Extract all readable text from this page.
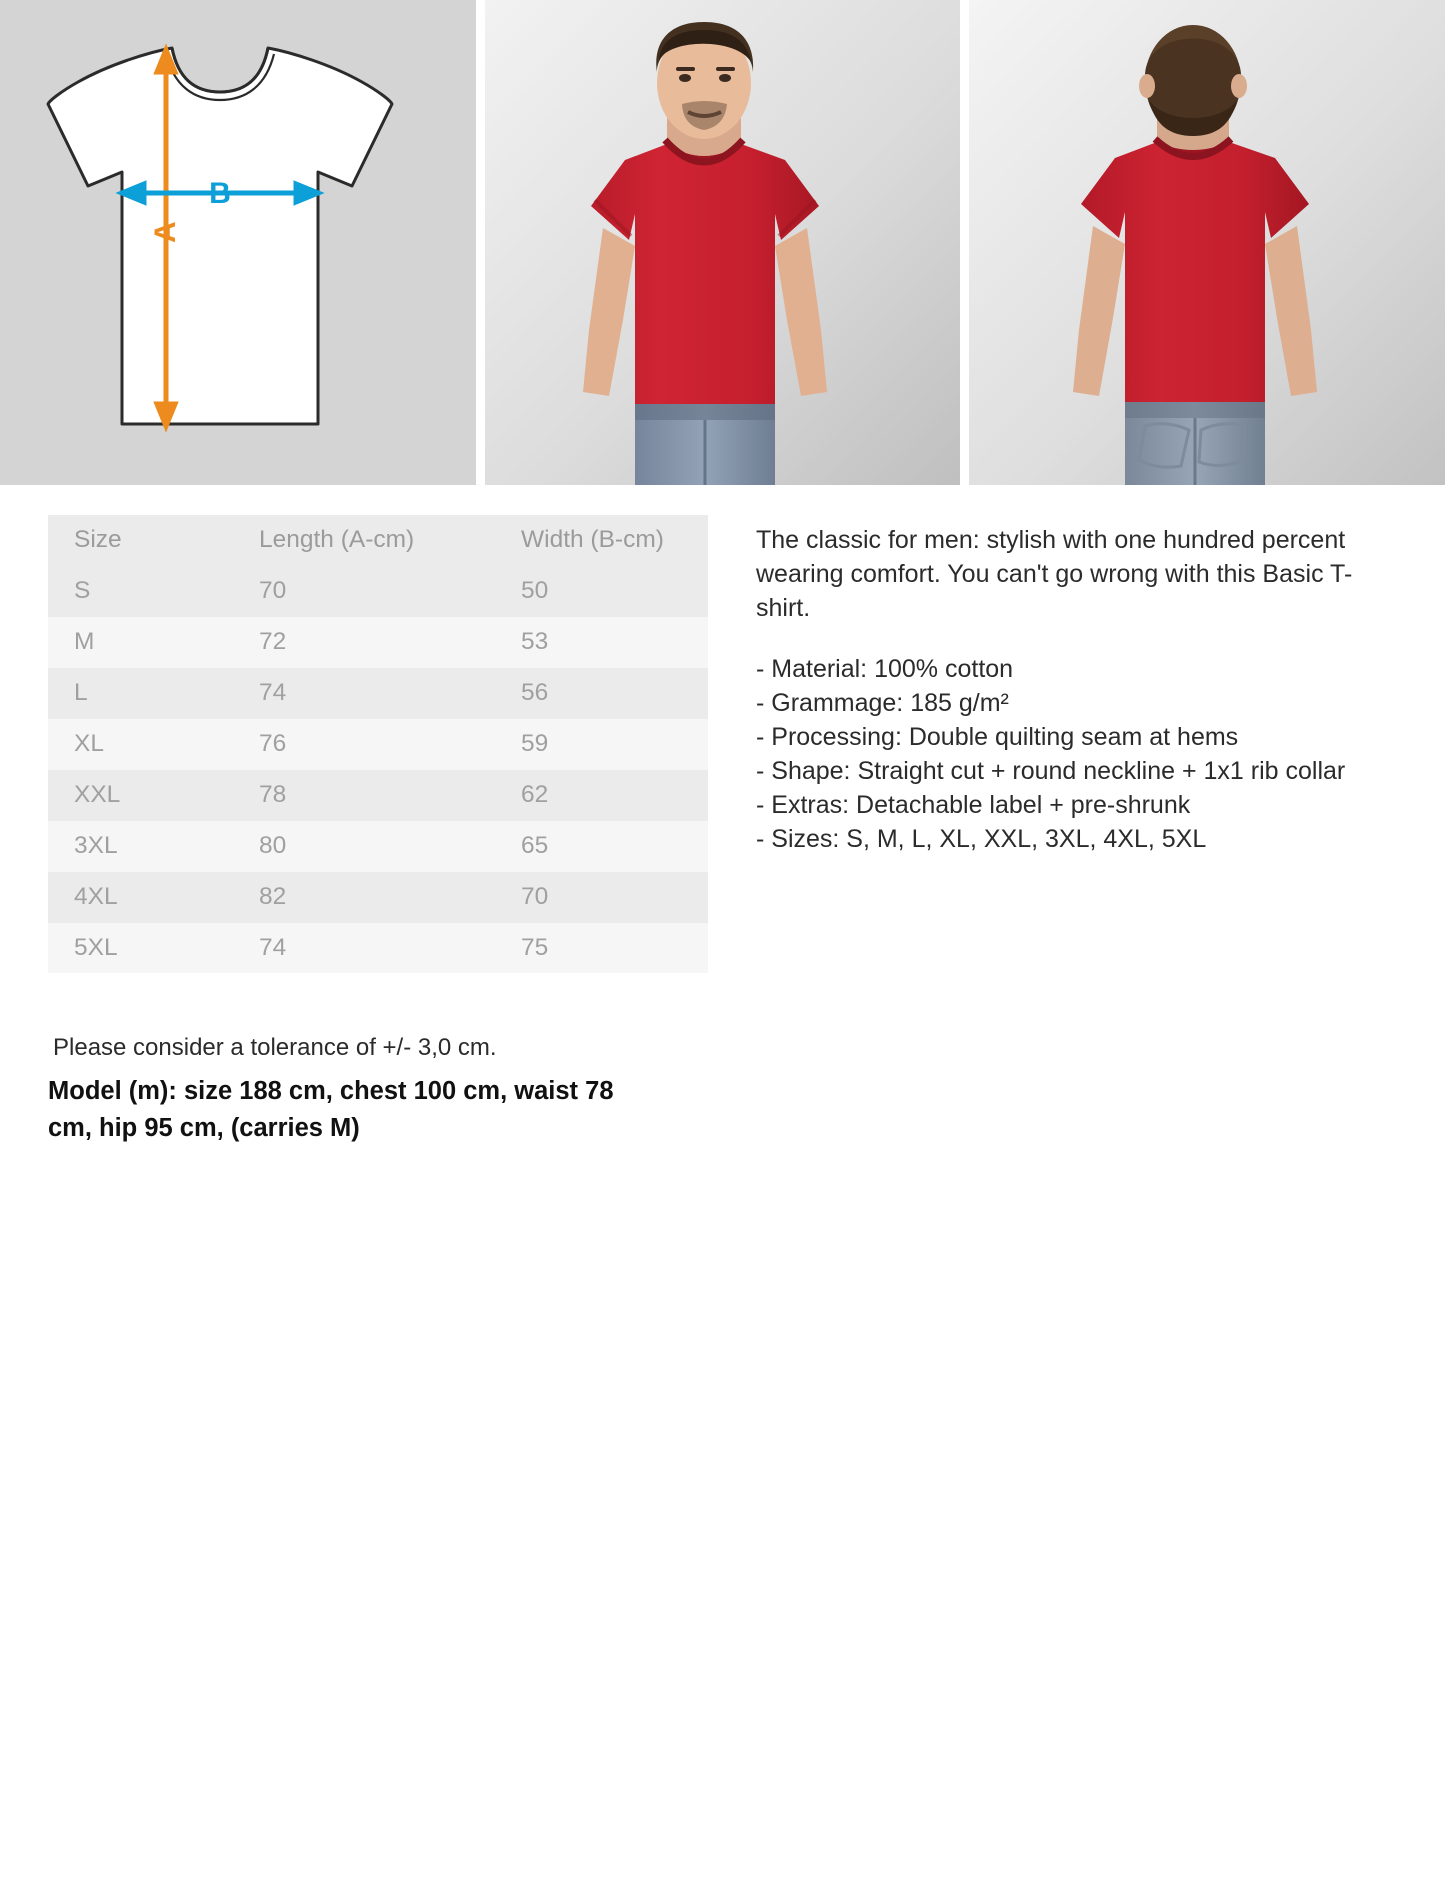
A
B
Size	Length (A-cm)	Width (B-cm)
S	70	50
M	72	53
L	74	56
XL	76	59
XXL	78	62
3XL	80	65
4XL	82	70
5XL	74	75

The classic for men: stylish with one hundred percent wearing comfort. You can't go wrong with this Basic T-shirt.

- Material: 100% cotton
- Grammage: 185 g/m²
- Processing: Double quilting seam at hems
- Shape: Straight cut + round neckline + 1x1 rib collar
- Extras: Detachable label + pre-shrunk
- Sizes: S, M, L, XL, XXL, 3XL, 4XL, 5XL

Please consider a tolerance of +/- 3,0 cm.

Model (m): size 188 cm, chest 100 cm, waist 78 cm, hip 95 cm, (carries M)
